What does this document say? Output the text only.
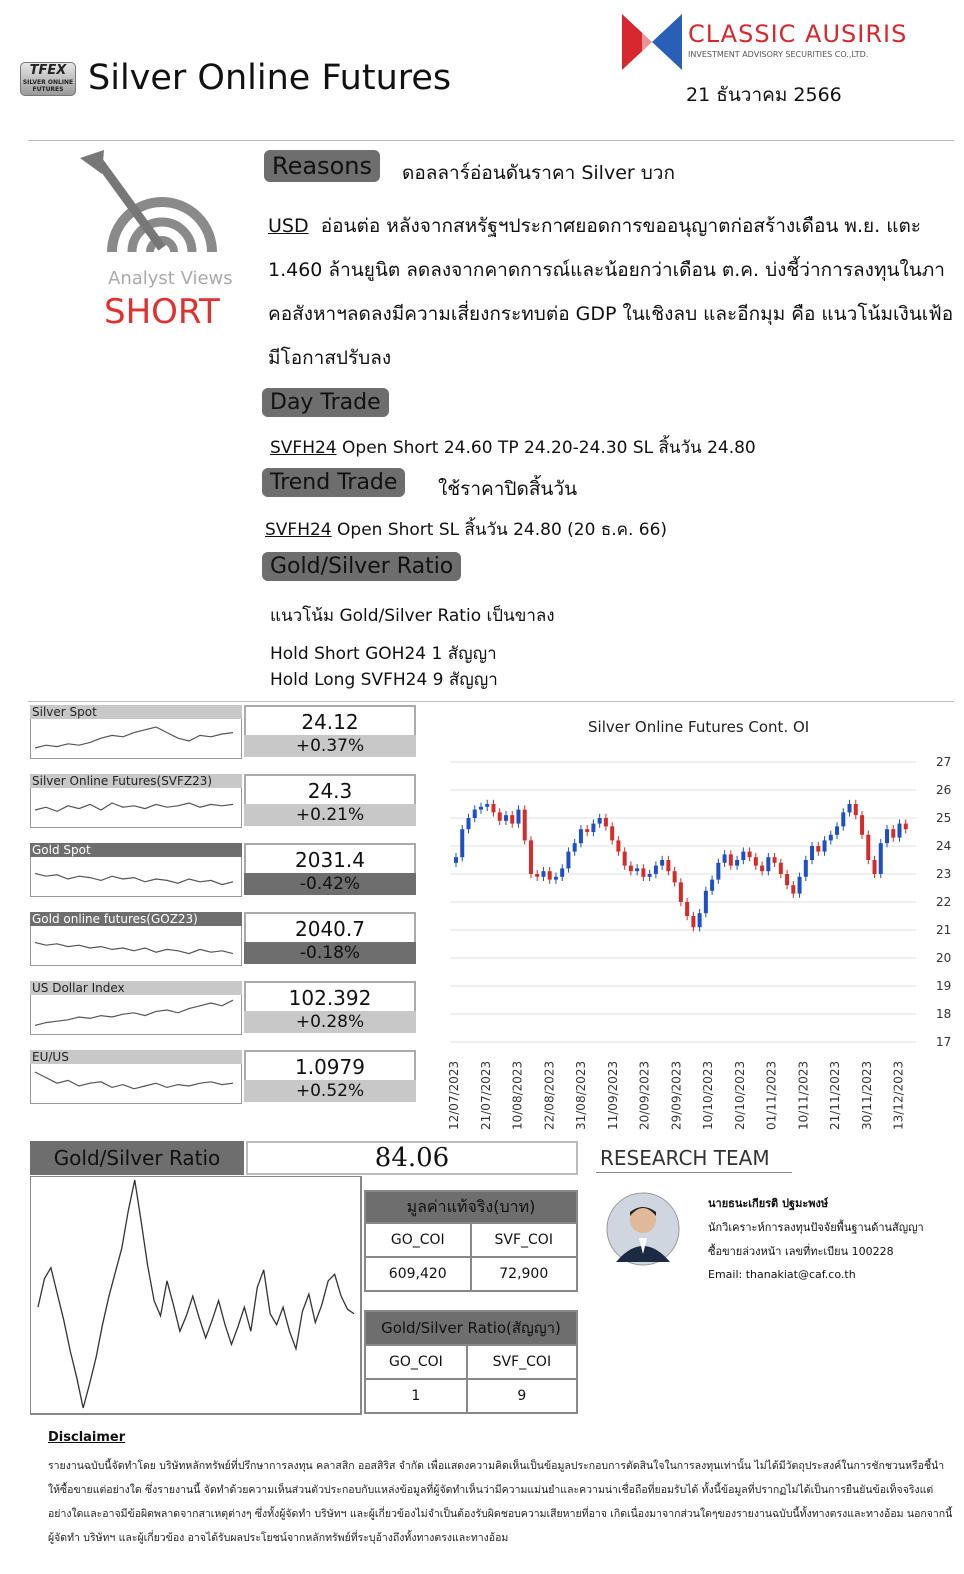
TFEX
SILVER ONLINE FUTURES Silver Online Futures
CLASSIC AUSIRIS
INVESTMENT ADVISORY SECURITIES CO.,LTD.
21 ธันวาคม 2566
Analyst Views
SHORT
Reasons	ดอลลาร์อ่อนดันราคา Silver บวก
USD อ่อนต่อ หลังจากสหรัฐฯประกาศยอดการขออนุญาตก่อสร้างเดือน พ.ย. แตะ 1.460 ล้านยูนิต ลดลงจากคาดการณ์และน้อยกว่าเดือน ต.ค. บ่งชี้ว่าการลงทุนในภาคอสังหาฯลดลงมีความเสี่ยงกระทบต่อ GDP ในเชิงลบ และอีกมุม คือ แนวโน้มเงินเฟ้อมีโอกาสปรับลง
Day Trade
SVFH24 Open Short 24.60 TP 24.20-24.30 SL สิ้นวัน 24.80
Trend Trade	ใช้ราคาปิดสิ้นวัน
SVFH24 Open Short SL สิ้นวัน 24.80 (20 ธ.ค. 66)
Gold/Silver Ratio
แนวโน้ม Gold/Silver Ratio เป็นขาลง
Hold Short GOH24 1 สัญญา
Hold Long SVFH24 9 สัญญา
Silver Spot	24.12
+0.37%
Silver Online Futures(SVFZ23)	24.3
+0.21%
Gold Spot	2031.4
-0.42%
Gold online futures(GOZ23)	2040.7
-0.18%
US Dollar Index	102.392
+0.28%
EU/US	1.0979
+0.52%
Silver Online Futures Cont. OI
27
26
25
24
23
22
21
20
19
18
17
12/07/2023 21/07/2023 10/08/2023 22/08/2023 31/08/2023 11/09/2023 20/09/2023 29/09/2023 10/10/2023 20/10/2023 01/11/2023 10/11/2023 21/11/2023 30/11/2023 13/12/2023
Gold/Silver Ratio	84.06
มูลค่าแท้จริง(บาท)	
GO_COI	SVF_COI
609,420	72,900
Gold/Silver Ratio(สัญญา)	
GO_COI	SVF_COI
1	9
RESEARCH TEAM
นายธนะเกียรติ ปฐมะพงษ์
นักวิเคราะห์การลงทุนปัจจัยพื้นฐานด้านสัญญา
ซื้อขายล่วงหน้า เลขที่ทะเบียน 100228
Email: thanakiat@caf.co.th
Disclaimer
รายงานฉบับนี้จัดทำโดย บริษัทหลักทรัพย์ที่ปรึกษาการลงทุน คลาสสิก ออสสิริส จำกัด เพื่อแสดงความคิดเห็นเป็นข้อมูลประกอบการตัดสินใจในการลงทุนเท่านั้น ไม่ได้มีวัตถุประสงค์ในการชักชวนหรือชี้นำให้ซื้อขายแต่อย่างใด ซึ่งรายงานนี้ จัดทำด้วยความเห็นส่วนตัวประกอบกับแหล่งข้อมูลที่ผู้จัดทำเห็นว่ามีความแม่นยำและความน่าเชื่อถือที่ยอมรับได้ ทั้งนี้ข้อมูลที่ปรากฏไม่ได้เป็นการยืนยันข้อเท็จจริงแต่อย่างใดและอาจมีข้อผิดพลาดจากสาเหตุต่างๆ ซึ่งทั้งผู้จัดทำ บริษัทฯ และผู้เกี่ยวข้องไม่จำเป็นต้องรับผิดชอบความเสียหายที่อาจ เกิดเนื่องมาจากส่วนใดๆของรายงานฉบับนี้ทั้งทางตรงและทางอ้อม นอกจากนี้ผู้จัดทำ บริษัทฯ และผู้เกี่ยวข้อง อาจได้รับผลประโยชน์จากหลักทรัพย์ที่ระบุอ้างถึงทั้งทางตรงและทางอ้อม
